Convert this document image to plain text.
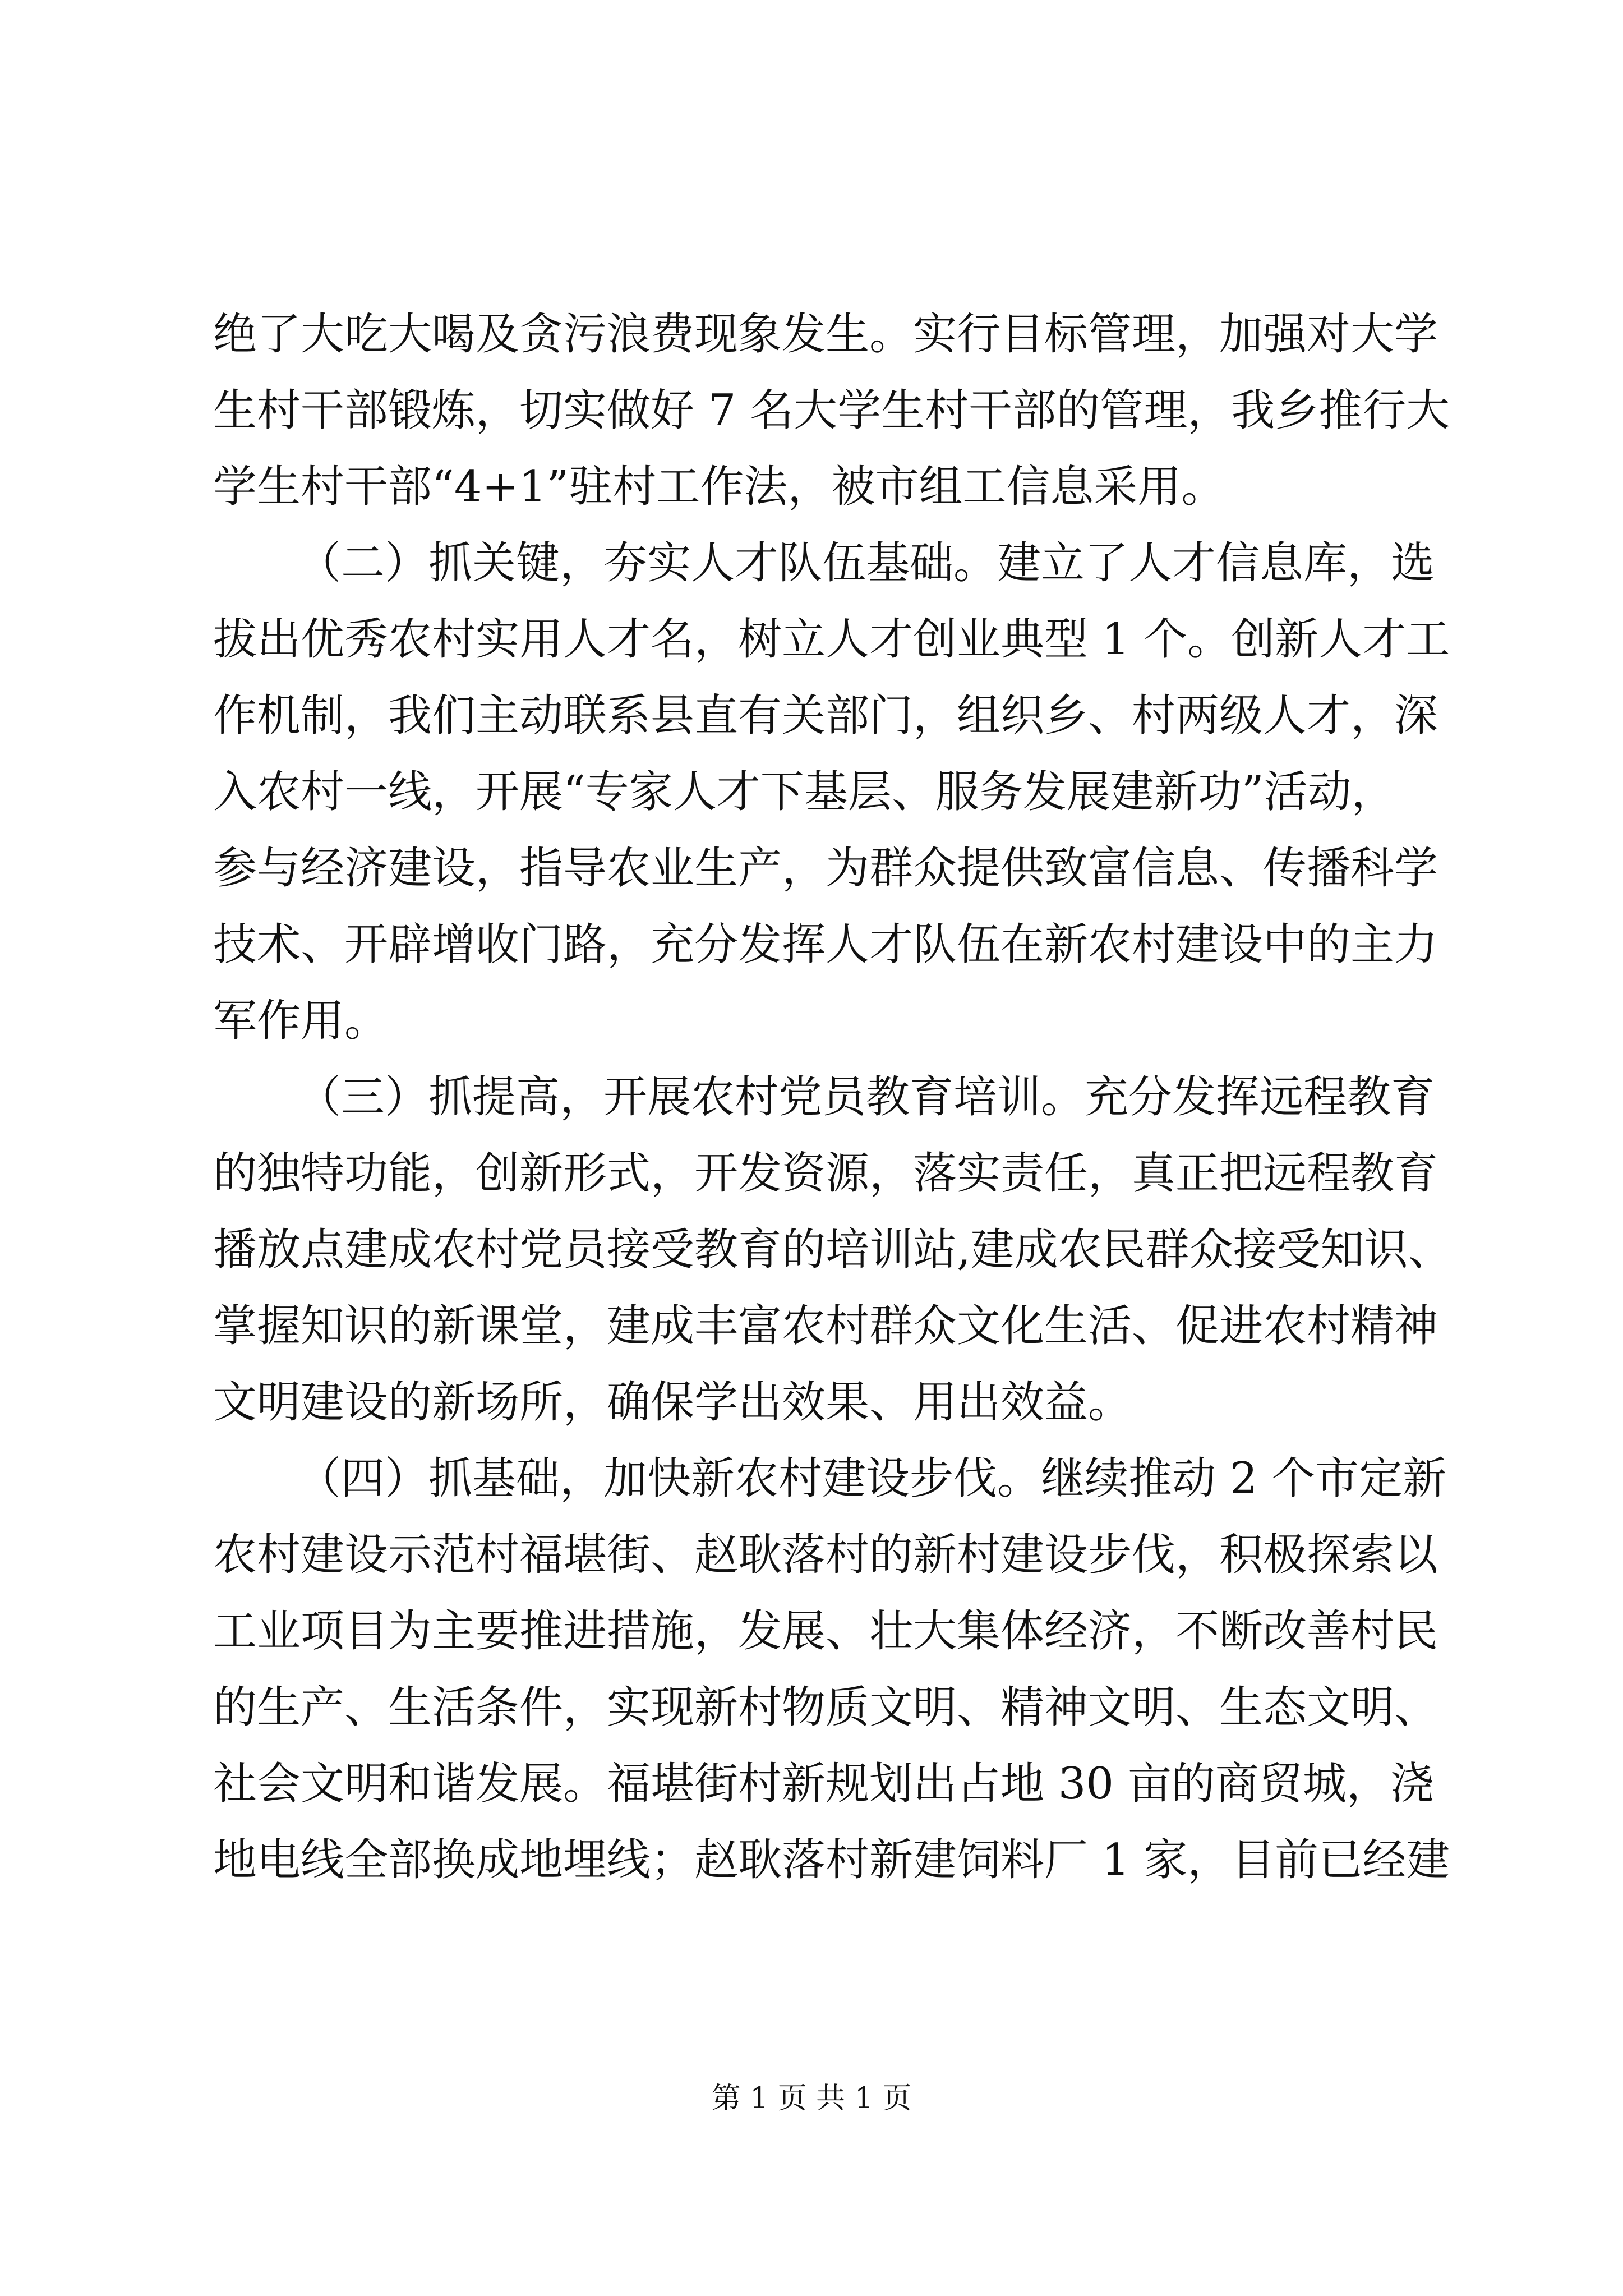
绝了大吃大喝及贪污浪费现象发生。实行目标管理，加强对大学
生村干部锻炼，切实做好 7 名大学生村干部的管理，我乡推行大
学生村干部“4+1”驻村工作法，被市组工信息采用。
（二）抓关键，夯实人才队伍基础。建立了人才信息库，选
拔出优秀农村实用人才名，树立人才创业典型 1 个。创新人才工
作机制，我们主动联系县直有关部门，组织乡、村两级人才，深
入农村一线，开展“专家人才下基层、服务发展建新功”活动，
参与经济建设，指导农业生产，为群众提供致富信息、传播科学
技术、开辟增收门路，充分发挥人才队伍在新农村建设中的主力
军作用。
（三）抓提高，开展农村党员教育培训。充分发挥远程教育
的独特功能，创新形式，开发资源，落实责任，真正把远程教育
播放点建成农村党员接受教育的培训站,建成农民群众接受知识、
掌握知识的新课堂，建成丰富农村群众文化生活、促进农村精神
文明建设的新场所，确保学出效果、用出效益。
（四）抓基础，加快新农村建设步伐。继续推动 2 个市定新
农村建设示范村福堪街、赵耿落村的新村建设步伐，积极探索以
工业项目为主要推进措施，发展、壮大集体经济，不断改善村民
的生产、生活条件，实现新村物质文明、精神文明、生态文明、
社会文明和谐发展。福堪街村新规划出占地 30 亩的商贸城，浇
地电线全部换成地埋线；赵耿落村新建饲料厂 1 家，目前已经建
第 1 页 共 1 页
